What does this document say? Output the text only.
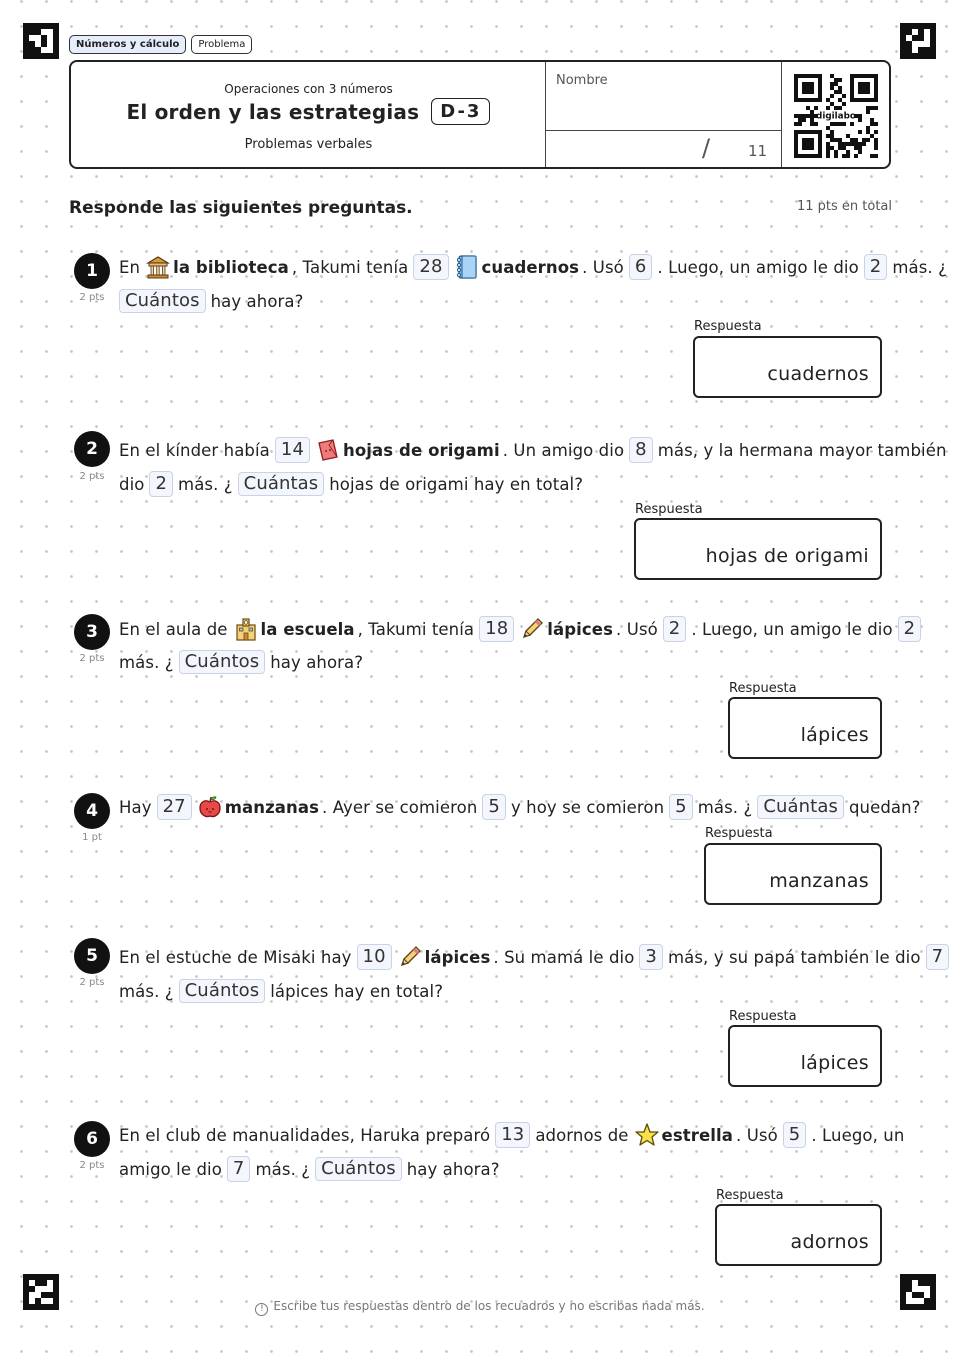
Números y cálculo	Problema
Operaciones con 3 números
El orden y las estrategias	D-3
Problemas verbales
Nombre
/	11
digilabo
Responde las siguientes preguntas.	11 pts en total
1
2 pts
En la biblioteca , Takumi tenía 28	cuadernos . Usó 6 . Luego, un amigo le dio 2 más. ¿
Cuántos hay ahora?
Respuesta
cuadernos
2
2 pts
En el kínder había 14	hojas de origami . Un amigo dio 8 más, y la hermana mayor también
dio 2 más. ¿ Cuántas hojas de origami hay en total?
Respuesta
hojas de origami
3
2 pts
En el aula de la escuela , Takumi tenía 18	lápices . Usó 2 . Luego, un amigo le dio 2
más. ¿ Cuántos hay ahora?
Respuesta
lápices
4
1 pt
Hay 27	manzanas . Ayer se comieron 5 y hoy se comieron 5 más. ¿ Cuántas quedan?
Respuesta
manzanas
5
2 pts
En el estuche de Misaki hay 10	lápices . Su mamá le dio 3 más, y su papá también le dio 7
más. ¿ Cuántos lápices hay en total?
Respuesta
lápices
6
2 pts
En el club de manualidades, Haruka preparó 13 adornos de estrella . Usó 5 . Luego, un
amigo le dio 7 más. ¿ Cuántos hay ahora?
Respuesta
adornos
! Escribe tus respuestas dentro de los recuadros y no escribas nada más.
